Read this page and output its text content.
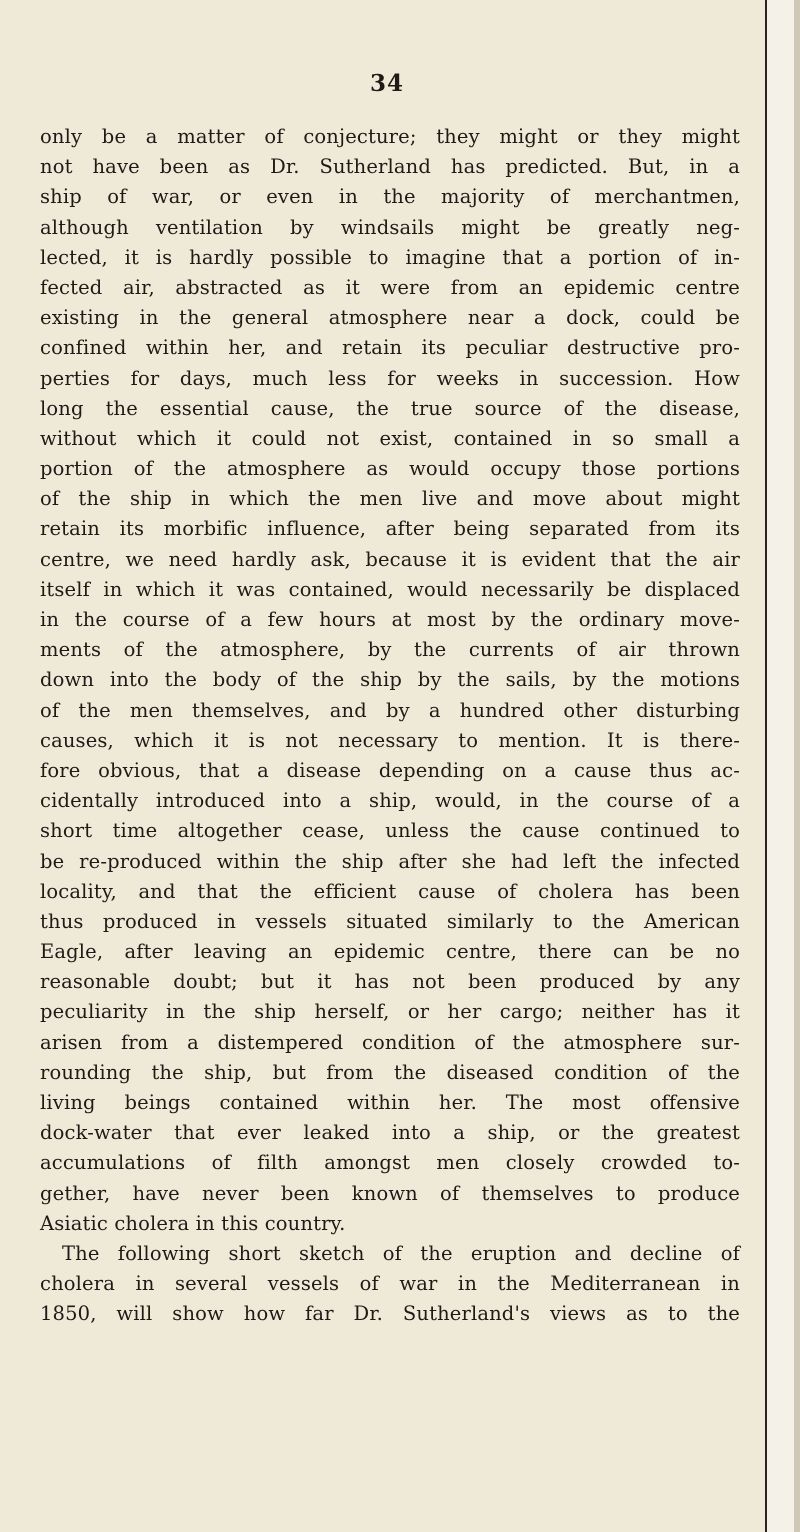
34
only be a matter of conjecture; they might or they might
not have been as Dr. Sutherland has predicted. But, in a
ship of war, or even in the majority of merchantmen,
although ventilation by windsails might be greatly neg-
lected, it is hardly possible to imagine that a portion of in-
fected air, abstracted as it were from an epidemic centre
existing in the general atmosphere near a dock, could be
confined within her, and retain its peculiar destructive pro-
perties for days, much less for weeks in succession. How
long the essential cause, the true source of the disease,
without which it could not exist, contained in so small a
portion of the atmosphere as would occupy those portions
of the ship in which the men live and move about might
retain its morbific influence, after being separated from its
centre, we need hardly ask, because it is evident that the air
itself in which it was contained, would necessarily be displaced
in the course of a few hours at most by the ordinary move-
ments of the atmosphere, by the currents of air thrown
down into the body of the ship by the sails, by the motions
of the men themselves, and by a hundred other disturbing
causes, which it is not necessary to mention. It is there-
fore obvious, that a disease depending on a cause thus ac-
cidentally introduced into a ship, would, in the course of a
short time altogether cease, unless the cause continued to
be re-produced within the ship after she had left the infected
locality, and that the efficient cause of cholera has been
thus produced in vessels situated similarly to the American
Eagle, after leaving an epidemic centre, there can be no
reasonable doubt; but it has not been produced by any
peculiarity in the ship herself, or her cargo; neither has it
arisen from a distempered condition of the atmosphere sur-
rounding the ship, but from the diseased condition of the
living beings contained within her. The most offensive
dock-water that ever leaked into a ship, or the greatest
accumulations of filth amongst men closely crowded to-
gether, have never been known of themselves to produce
Asiatic cholera in this country.
The following short sketch of the eruption and decline of
cholera in several vessels of war in the Mediterranean in
1850, will show how far Dr. Sutherland's views as to the
